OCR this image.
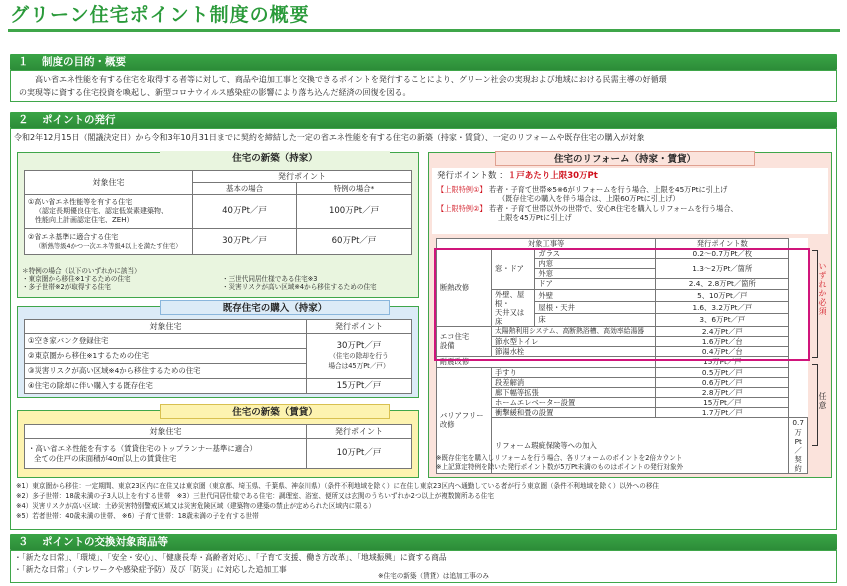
グリーン住宅ポイント制度の概要
１ 制度の目的・概要
高い省エネ性能を有する住宅を取得する者等に対して、商品や追加工事と交換できるポイントを発行することにより、グリーン社会の実現および地域における民需主導の好循環
の実現等に資する住宅投資を喚起し、新型コロナウイルス感染症の影響により落ち込んだ経済の回復を図る。
２ ポイントの発行
令和2年12月15日（閣議決定日）から令和3年10月31日までに契約を締結した一定の省エネ性能を有する住宅の新築（持家・賃貸）、一定のリフォームや既存住宅の購入が対象
住宅の新築（持家）
対象住宅	発行ポイント	
	基本の場合	特例の場合*

①高い省エネ性能等を有する住宅
（認定長期優良住宅、認定低炭素建築物、
性能向上計画認定住宅、ZEH）	40万Pt／戸	100万Pt／戸

②省エネ基準に適合する住宅
（断熱等級4かつ一次エネ等級4以上を満たす住宅）	30万Pt／戸	60万Pt／戸
＊特例の場合（以下のいずれかに該当）
・東京圏から移住※1するための住宅
・多子世帯※2が取得する住宅
・三世代同居仕様である住宅※3
・災害リスクが高い区域※4から移住するための住宅
既存住宅の購入（持家）
対象住宅	発行ポイント
①空き家バンク登録住宅	30万Pt／戸
（住宅の除却を行う
場合は45万Pt／戸）

②東京圏から移住※1するための住宅	
③災害リスクが高い区域※4から移住するための住宅	
④住宅の除却に伴い購入する既存住宅	15万Pt／戸
住宅の新築（賃貸）
対象住宅	発行ポイント

・高い省エネ性能を有する（賃貸住宅のトップランナー基準に適合）
全ての住戸の床面積が40㎡以上の賃貸住宅	10万Pt／戸
住宅のリフォーム（持家・賃貸）
発行ポイント数 ：１戸あたり上限30万Pt
【上限特例①】 若者・子育て世帯※5※6がリフォームを行う場合、上限を45万Ptに引上げ
（既存住宅の購入を伴う場合は、上限60万Ptに引上げ）
【上限特例②】 若者・子育て世帯以外の世帯で、安心R住宅を購入しリフォームを行う場合、
上限を45万Ptに引上げ
対象工事等			発行ポイント数	
断熱改修	窓・ドア	ガラス	0.2〜0.7万Pt／枚	
		内窓	1.3〜2万Pt／箇所	
		外窓		
		ドア	2.4、2.8万Pt／箇所	

	外壁、屋根・
天井又は床	外壁	5、10万Pt／戸	
		屋根・天井	1.6、3.2万Pt／戸	
		床	3、6万Pt／戸	

エコ住宅
設備	太陽熱利用システム、高断熱浴槽、高効率給湯器		2.4万Pt／戸	
	節水型トイレ		1.6万Pt／台	
	節湯水栓		0.4万Pt／台	
耐震改修			15万Pt／戸	

バリアフリー改修	手すり		0.5万Pt／戸	
	段差解消		0.6万Pt／戸	
	廊下幅等拡張		2.8万Pt／戸	
	ホームエレベーター設置		15万Pt／戸	
	衝撃緩和畳の設置		1.7万Pt／戸	
	リフォーム瑕疵保険等への加入			0.7万Pt／契約
いずれか必須
任意
※既存住宅を購入しリフォームを行う場合、各リフォームのポイントを2倍カウント
※上記算定特例を除いた発行ポイント数が5万Pt未満のものはポイントの発行対象外
※1）東京圏から移住：一定期間、東京23区内に在住又は東京圏（東京都、埼玉県、千葉県、神奈川県）（条件不利地域を除く）に在住し東京23区内へ通勤している者が行う東京圏（条件不利地域を除く）以外への移住
※2）多子世帯：18歳未満の子3人以上を有する世帯　※3）三世代同居仕様である住宅：調理室、浴室、便所又は玄関のうちいずれか2つ以上が複数箇所ある住宅
※4）災害リスクが高い区域：土砂災害特別警戒区域又は災害危険区域（建築物の建築の禁止が定められた区域内に限る）
※5）若者世帯：40歳未満の世帯、 ※6）子育て世帯：18歳未満の子を有する世帯
３ ポイントの交換対象商品等
・「新たな日常」、「環境」、「安全・安心」、「健康長寿・高齢者対応」、「子育て支援、働き方改革」、「地域振興」に資する商品
・「新たな日常」（テレワークや感染症予防）及び「防災」に対応した追加工事
※住宅の新築（賃貸）は追加工事のみ
